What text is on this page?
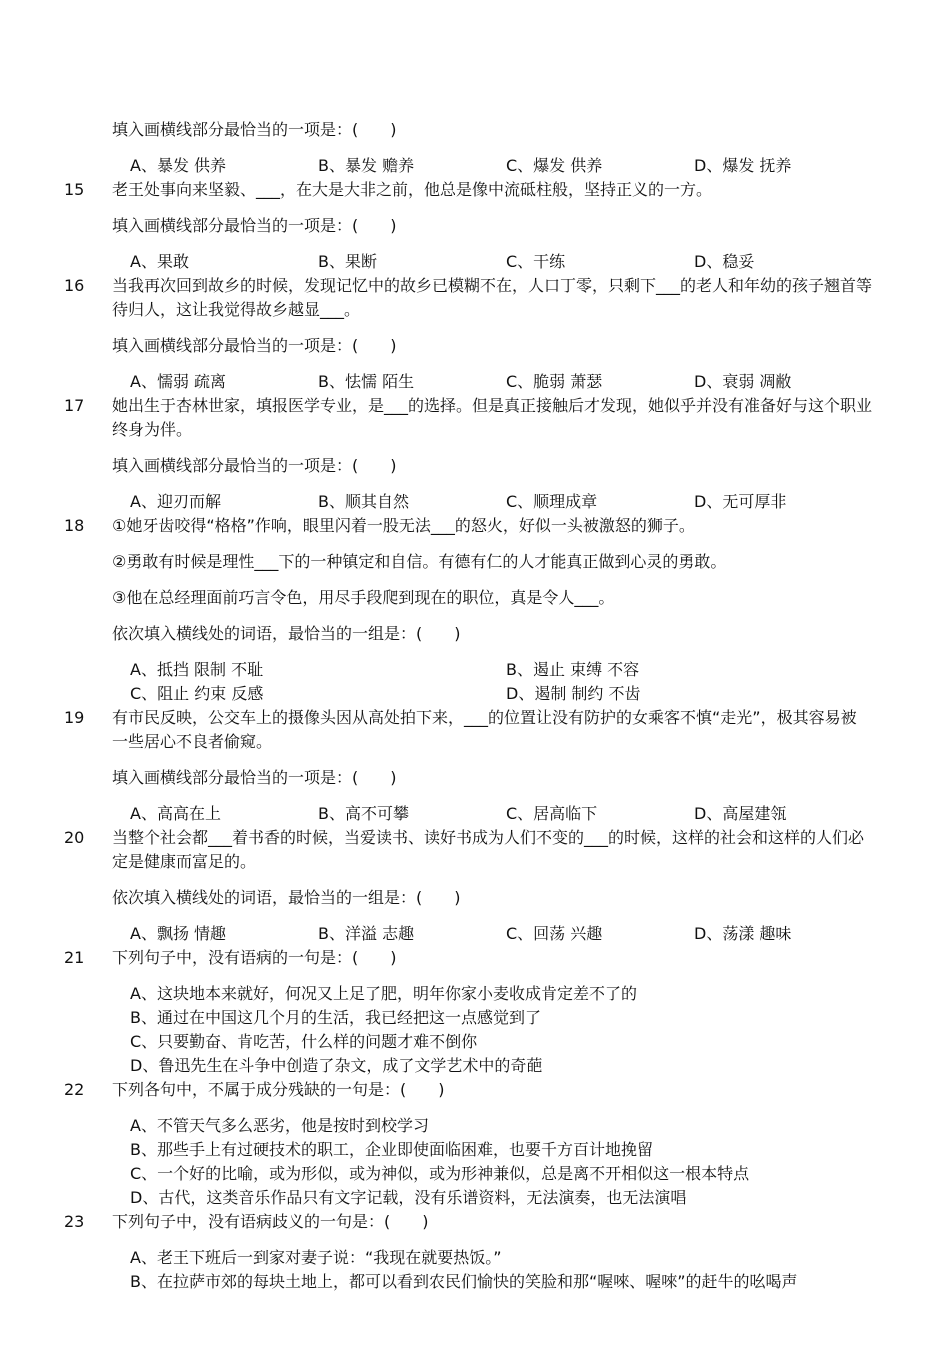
填入画横线部分最恰当的一项是：(　　)
A、暴发 供养	B、暴发 赡养	C、爆发 供养	D、爆发 抚养
15 老王处事向来坚毅、___，在大是大非之前，他总是像中流砥柱般，坚持正义的一方。
填入画横线部分最恰当的一项是：(　　)
A、果敢	B、果断	C、干练	D、稳妥
16 当我再次回到故乡的时候，发现记忆中的故乡已模糊不在，人口丁零，只剩下___的老人和年幼的孩子翘首等待归人，这让我觉得故乡越显___。
填入画横线部分最恰当的一项是：(　　)
A、懦弱 疏离	B、怯懦 陌生	C、脆弱 萧瑟	D、衰弱 凋敝
17 她出生于杏林世家，填报医学专业，是___的选择。但是真正接触后才发现，她似乎并没有准备好与这个职业终身为伴。
填入画横线部分最恰当的一项是：(　　)
A、迎刃而解	B、顺其自然	C、顺理成章	D、无可厚非
18 ①她牙齿咬得“格格”作响，眼里闪着一股无法___的怒火，好似一头被激怒的狮子。
②勇敢有时候是理性___下的一种镇定和自信。有德有仁的人才能真正做到心灵的勇敢。
③他在总经理面前巧言令色，用尽手段爬到现在的职位，真是令人___。
依次填入横线处的词语，最恰当的一组是：(　　)
A、抵挡 限制 不耻	B、遏止 束缚 不容
C、阻止 约束 反感	D、遏制 制约 不齿
19 有市民反映，公交车上的摄像头因从高处拍下来，___的位置让没有防护的女乘客不慎“走光”，极其容易被一些居心不良者偷窥。
填入画横线部分最恰当的一项是：(　　)
A、高高在上	B、高不可攀	C、居高临下	D、高屋建瓴
20 当整个社会都___着书香的时候，当爱读书、读好书成为人们不变的___的时候，这样的社会和这样的人们必定是健康而富足的。
依次填入横线处的词语，最恰当的一组是：(　　)
A、飘扬 情趣	B、洋溢 志趣	C、回荡 兴趣	D、荡漾 趣味
21 下列句子中，没有语病的一句是：(　　)
A、这块地本来就好，何况又上足了肥，明年你家小麦收成肯定差不了的
B、通过在中国这几个月的生活，我已经把这一点感觉到了
C、只要勤奋、肯吃苦，什么样的问题才难不倒你
D、鲁迅先生在斗争中创造了杂文，成了文学艺术中的奇葩
22 下列各句中，不属于成分残缺的一句是：(　　)
A、不管天气多么恶劣，他是按时到校学习
B、那些手上有过硬技术的职工，企业即使面临困难，也要千方百计地挽留
C、一个好的比喻，或为形似，或为神似，或为形神兼似，总是离不开相似这一根本特点
D、古代，这类音乐作品只有文字记载，没有乐谱资料，无法演奏，也无法演唱
23 下列句子中，没有语病歧义的一句是：(　　)
A、老王下班后一到家对妻子说：“我现在就要热饭。”
B、在拉萨市郊的每块土地上，都可以看到农民们愉快的笑脸和那“喔唻、喔唻”的赶牛的吆喝声
